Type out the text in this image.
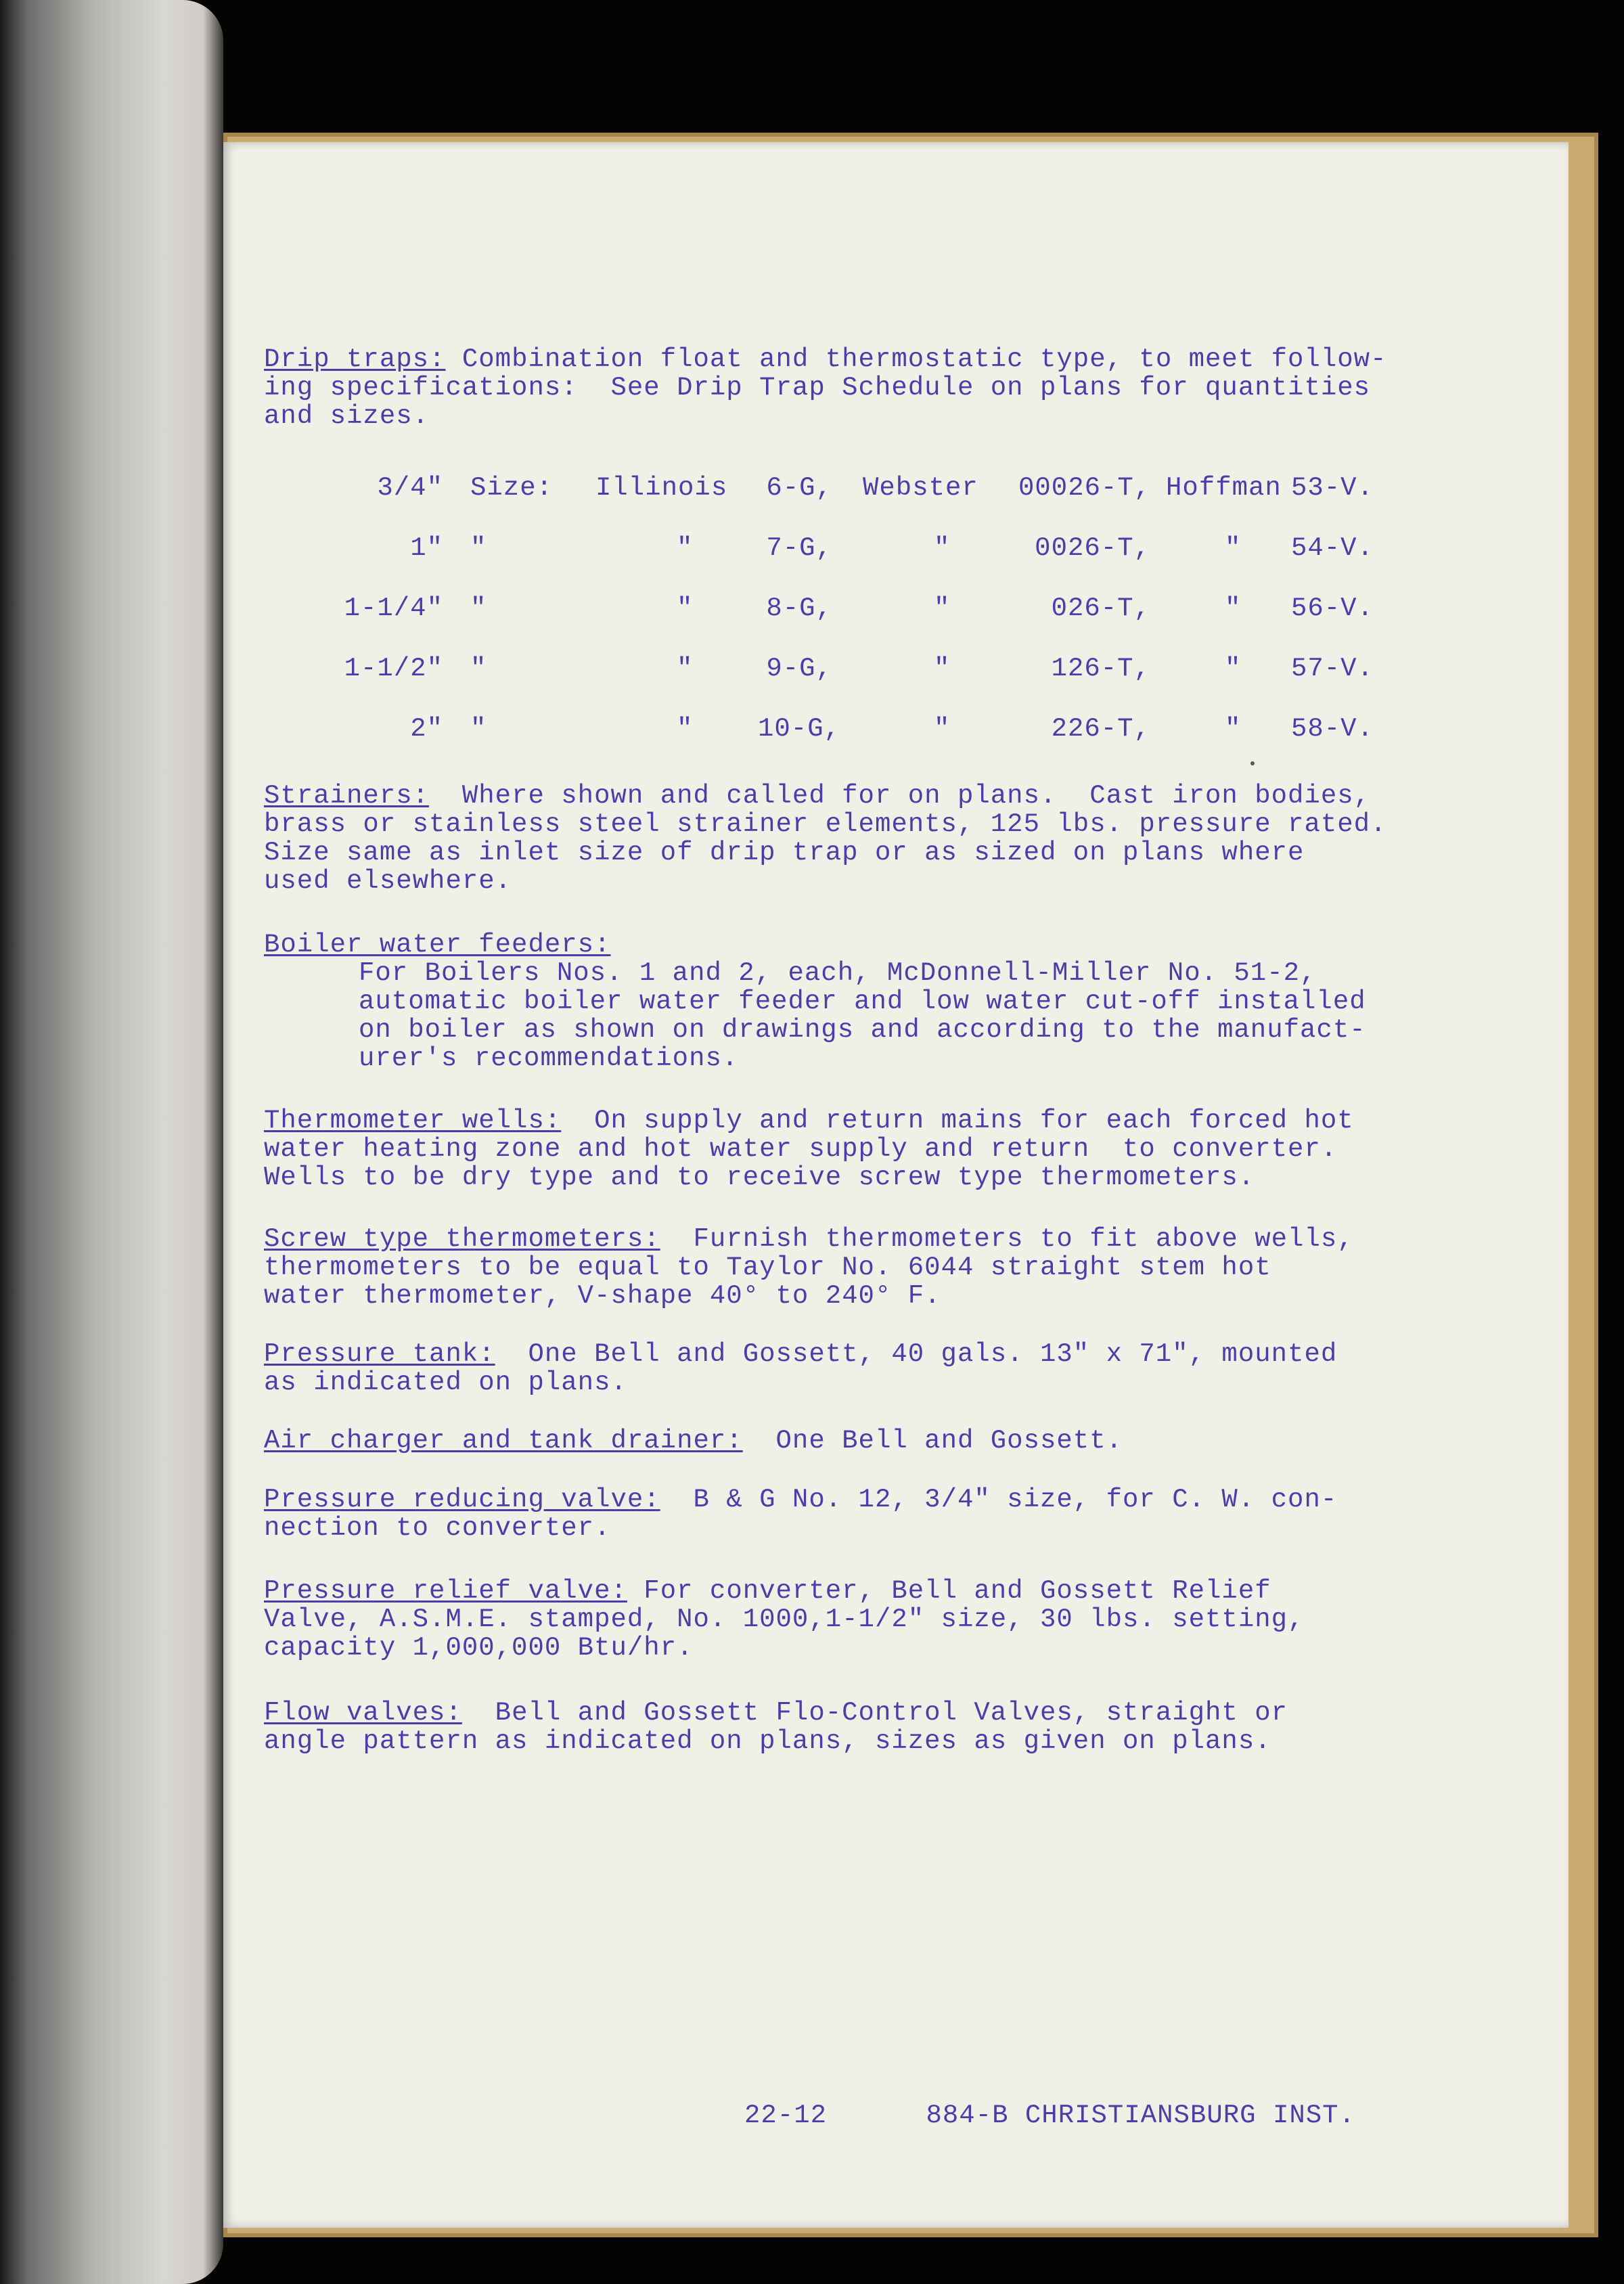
Drip traps: Combination float and thermostatic type, to meet follow-
ing specifications:  See Drip Trap Schedule on plans for quantities
and sizes.
3/4" Size: Illinois	6-G, Webster 00026-T, Hoffman 53-V.
1" "	"	7-G,	"	0026-T,	" 54-V.
1-1/4" "	"	8-G,	"	026-T,	" 56-V.
1-1/2" "	"	9-G,	"	126-T,	" 57-V.
2" "	" 10-G,	"	226-T,	" 58-V.
Strainers:  Where shown and called for on plans.  Cast iron bodies,
brass or stainless steel strainer elements, 125 lbs. pressure rated.
Size same as inlet size of drip trap or as sized on plans where
used elsewhere.
Boiler water feeders:
For Boilers Nos. 1 and 2, each, McDonnell-Miller No. 51-2,
automatic boiler water feeder and low water cut-off installed
on boiler as shown on drawings and according to the manufact-
urer's recommendations.
Thermometer wells:  On supply and return mains for each forced hot
water heating zone and hot water supply and return  to converter.
Wells to be dry type and to receive screw type thermometers.
Screw type thermometers:  Furnish thermometers to fit above wells,
thermometers to be equal to Taylor No. 6044 straight stem hot
water thermometer, V-shape 40° to 240° F.
Pressure tank:  One Bell and Gossett, 40 gals. 13" x 71", mounted
as indicated on plans.
Air charger and tank drainer:  One Bell and Gossett.
Pressure reducing valve:  B & G No. 12, 3/4" size, for C. W. con-
nection to converter.
Pressure relief valve: For converter, Bell and Gossett Relief
Valve, A.S.M.E. stamped, No. 1000,1-1/2" size, 30 lbs. setting,
capacity 1,000,000 Btu/hr.
Flow valves:  Bell and Gossett Flo-Control Valves, straight or
angle pattern as indicated on plans, sizes as given on plans.
22-12	884-B CHRISTIANSBURG INST.
